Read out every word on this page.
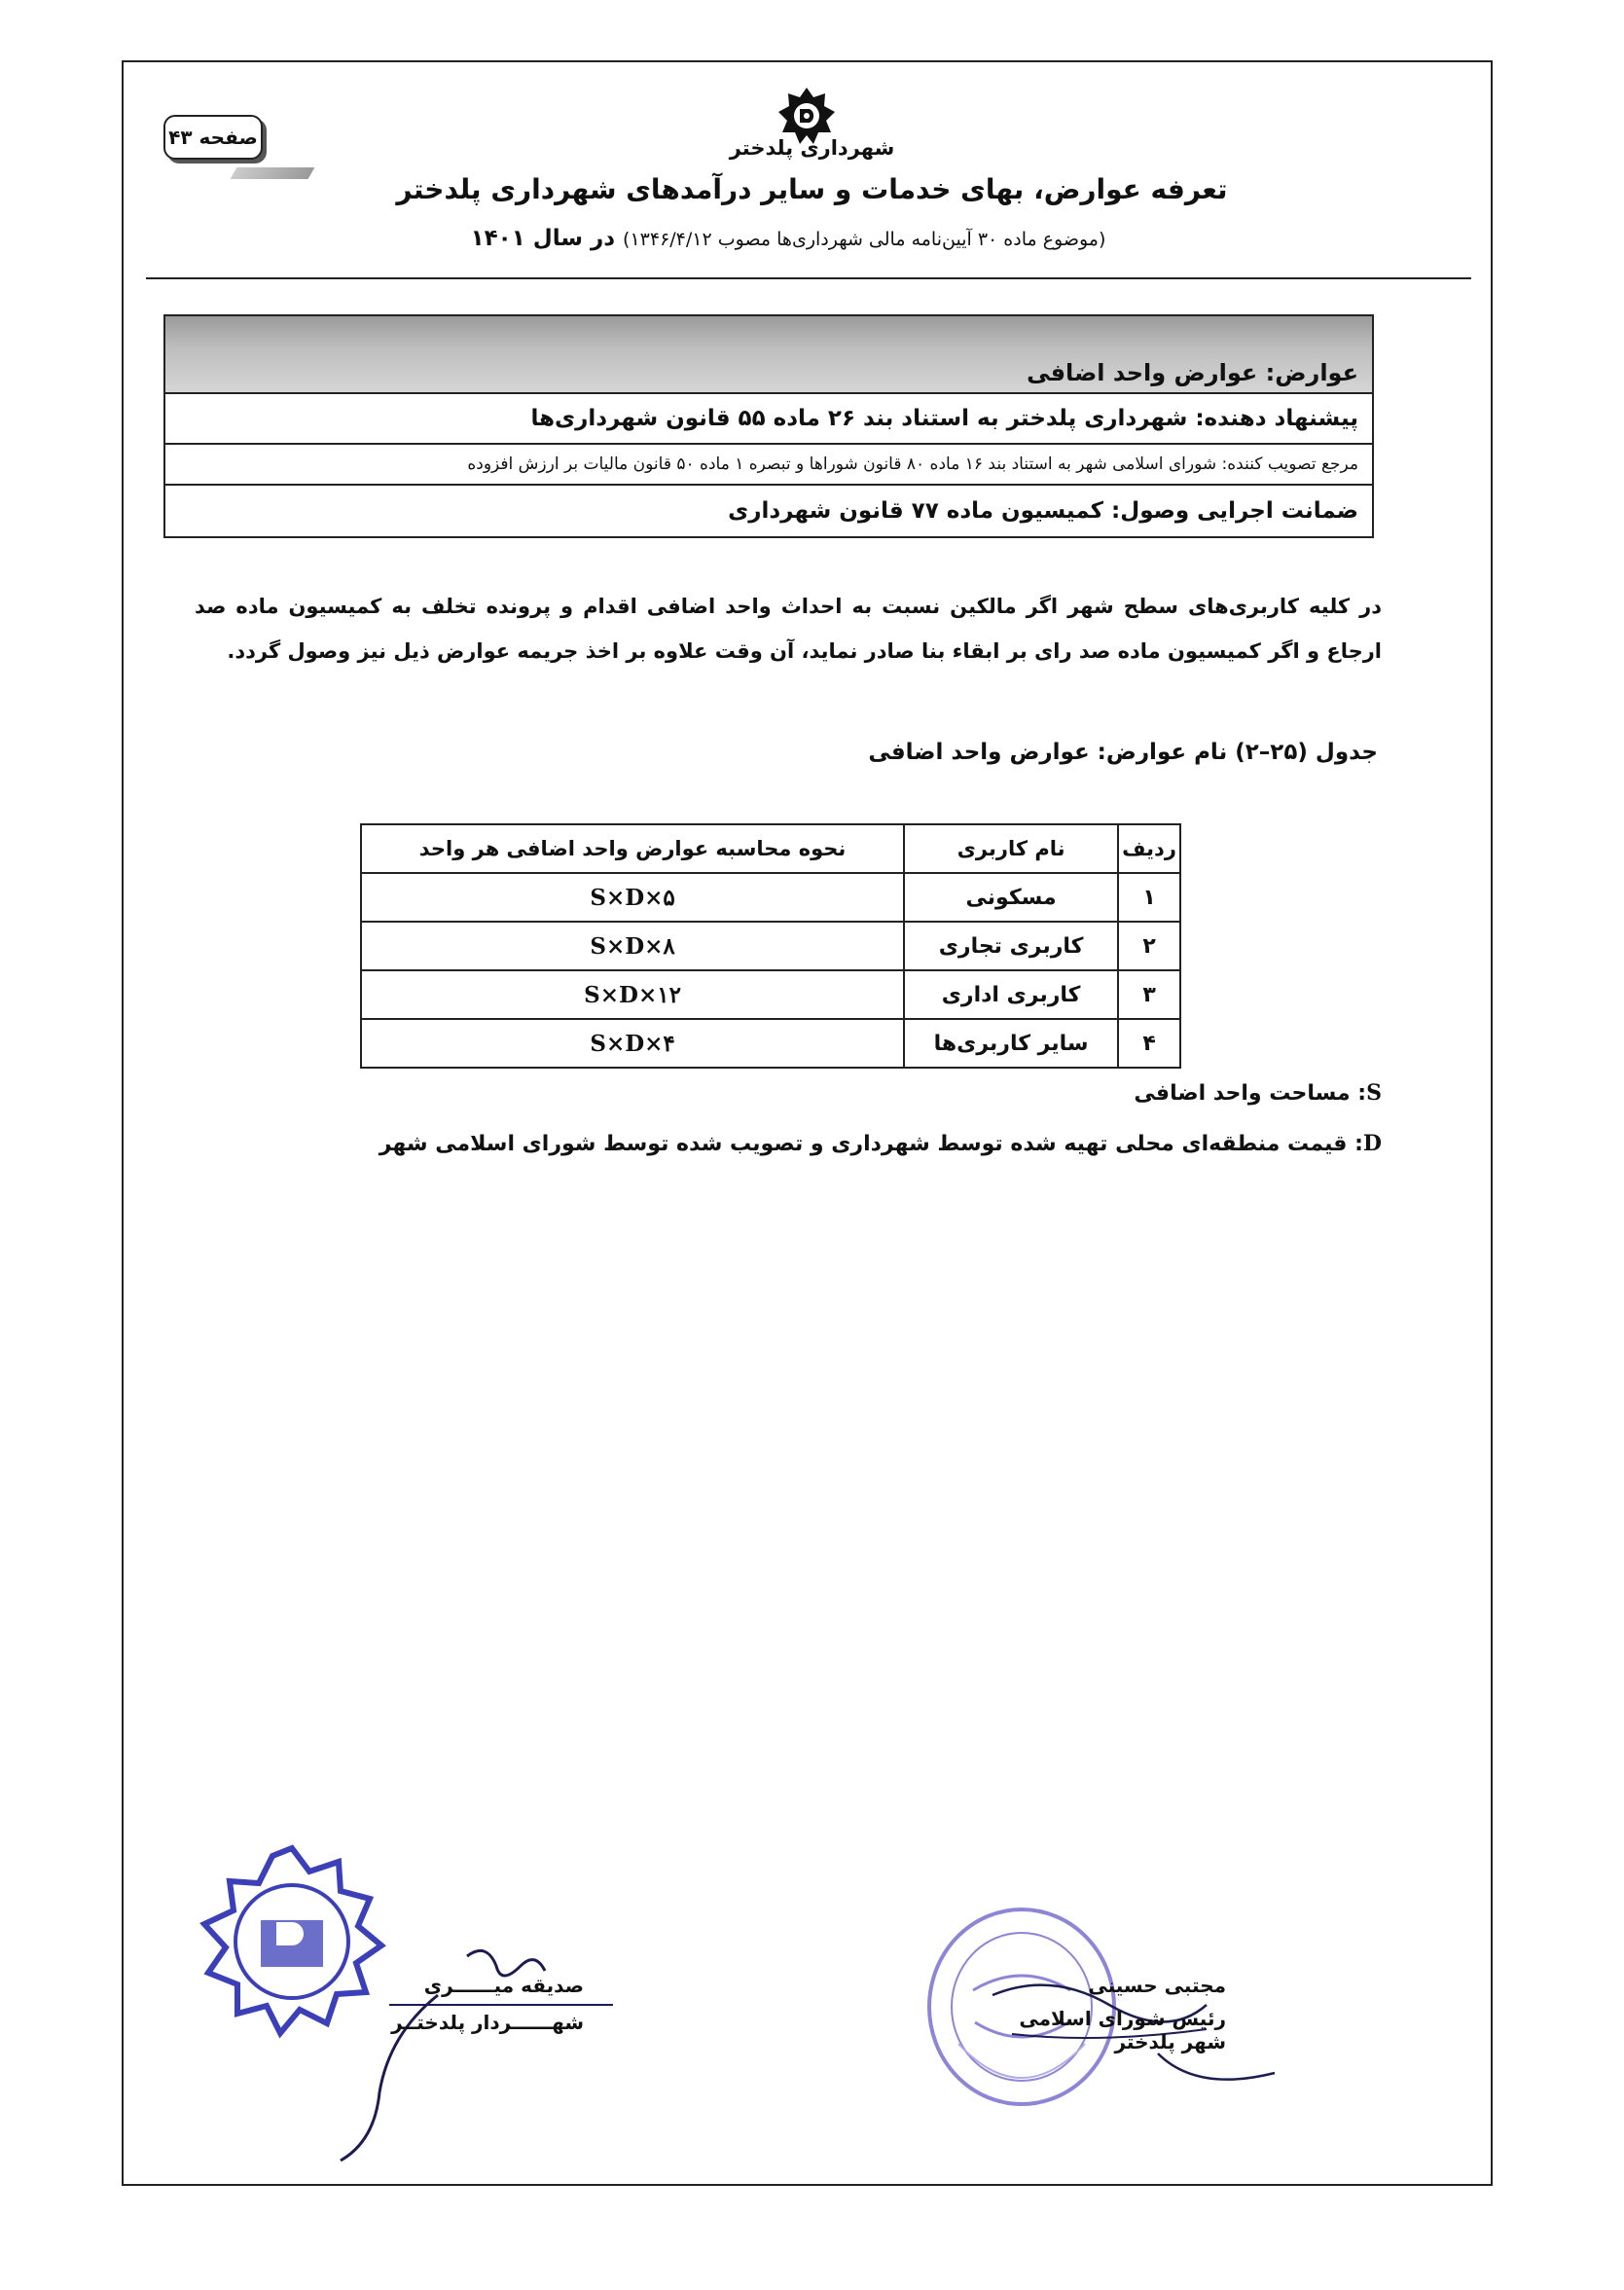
صفحه ۴۳	شهرداری پلدختر
تعرفه عوارض، بهای خدمات و سایر درآمدهای شهرداری پلدختر
(موضوع ماده ۳۰ آیین‌نامه مالی شهرداری‌ها مصوب ۱۳۴۶/۴/۱۲) در سال ۱۴۰۱
عوارض: عوارض واحد اضافی
پیشنهاد دهنده: شهرداری پلدختر به استناد بند ۲۶ ماده ۵۵ قانون شهرداری‌ها
مرجع تصویب کننده: شورای اسلامی شهر به استناد بند ۱۶ ماده ۸۰ قانون شوراها و تبصره ۱ ماده ۵۰ قانون مالیات بر ارزش افزوده
ضمانت اجرایی وصول: کمیسیون ماده ۷۷ قانون شهرداری
در کلیه کاربری‌های سطح شهر اگر مالکین نسبت به احداث واحد اضافی اقدام و پرونده تخلف به کمیسیون ماده صد ارجاع و اگر کمیسیون ماده صد رای بر ابقاء بنا صادر نماید، آن وقت علاوه بر اخذ جریمه عوارض ذیل نیز وصول گردد.
جدول (۲۵–۲) نام عوارض: عوارض واحد اضافی
ردیف	نام کاربری	نحوه محاسبه عوارض واحد اضافی هر واحد
۱	مسکونی	S×D×۵
۲	کاربری تجاری	S×D×۸
۳	کاربری اداری	S×D×۱۲
۴	سایر کاربری‌ها	S×D×۴
S: مساحت واحد اضافی
D: قیمت منطقه‌ای محلی تهیه شده توسط شهرداری و تصویب شده توسط شورای اسلامی شهر
مجتبی حسینی
رئیس شورای اسلامی شهر پلدختر
صدیقه میــــــری
شهــــــردار پلدختــر
